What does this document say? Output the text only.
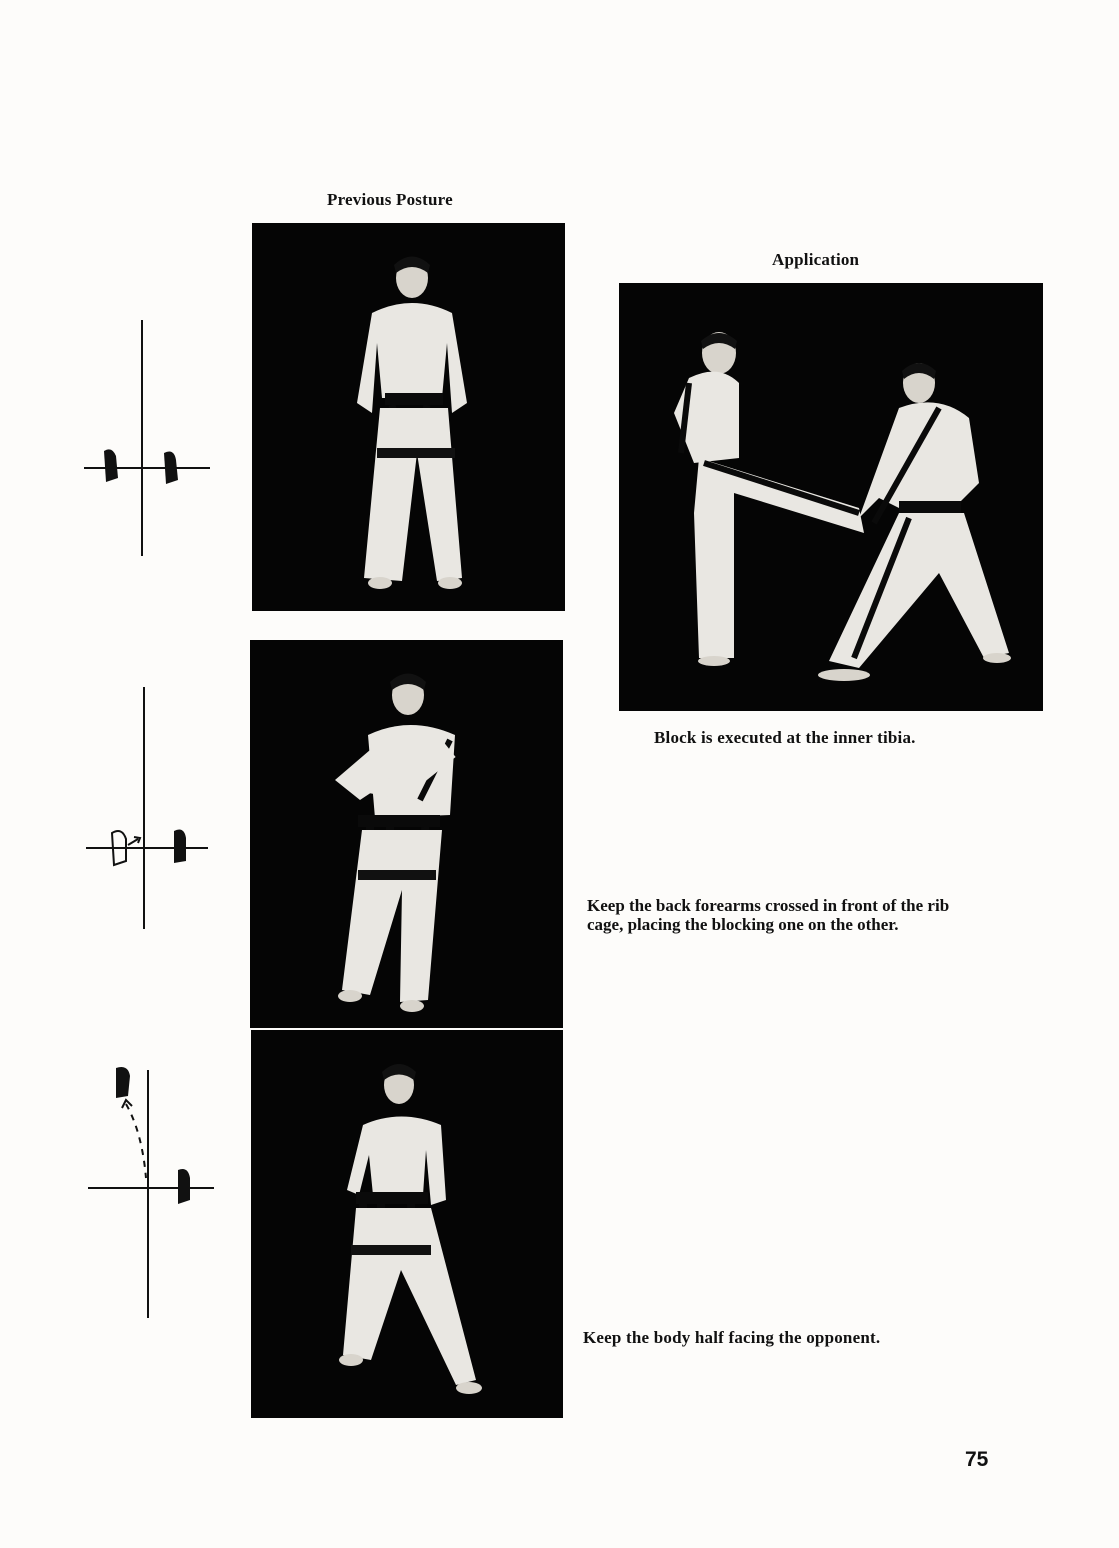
Previous Posture
Application
Block is executed at the inner tibia.
Keep the back forearms crossed in front of the rib cage, placing the blocking one on the other.
Keep the body half facing the opponent.
75
